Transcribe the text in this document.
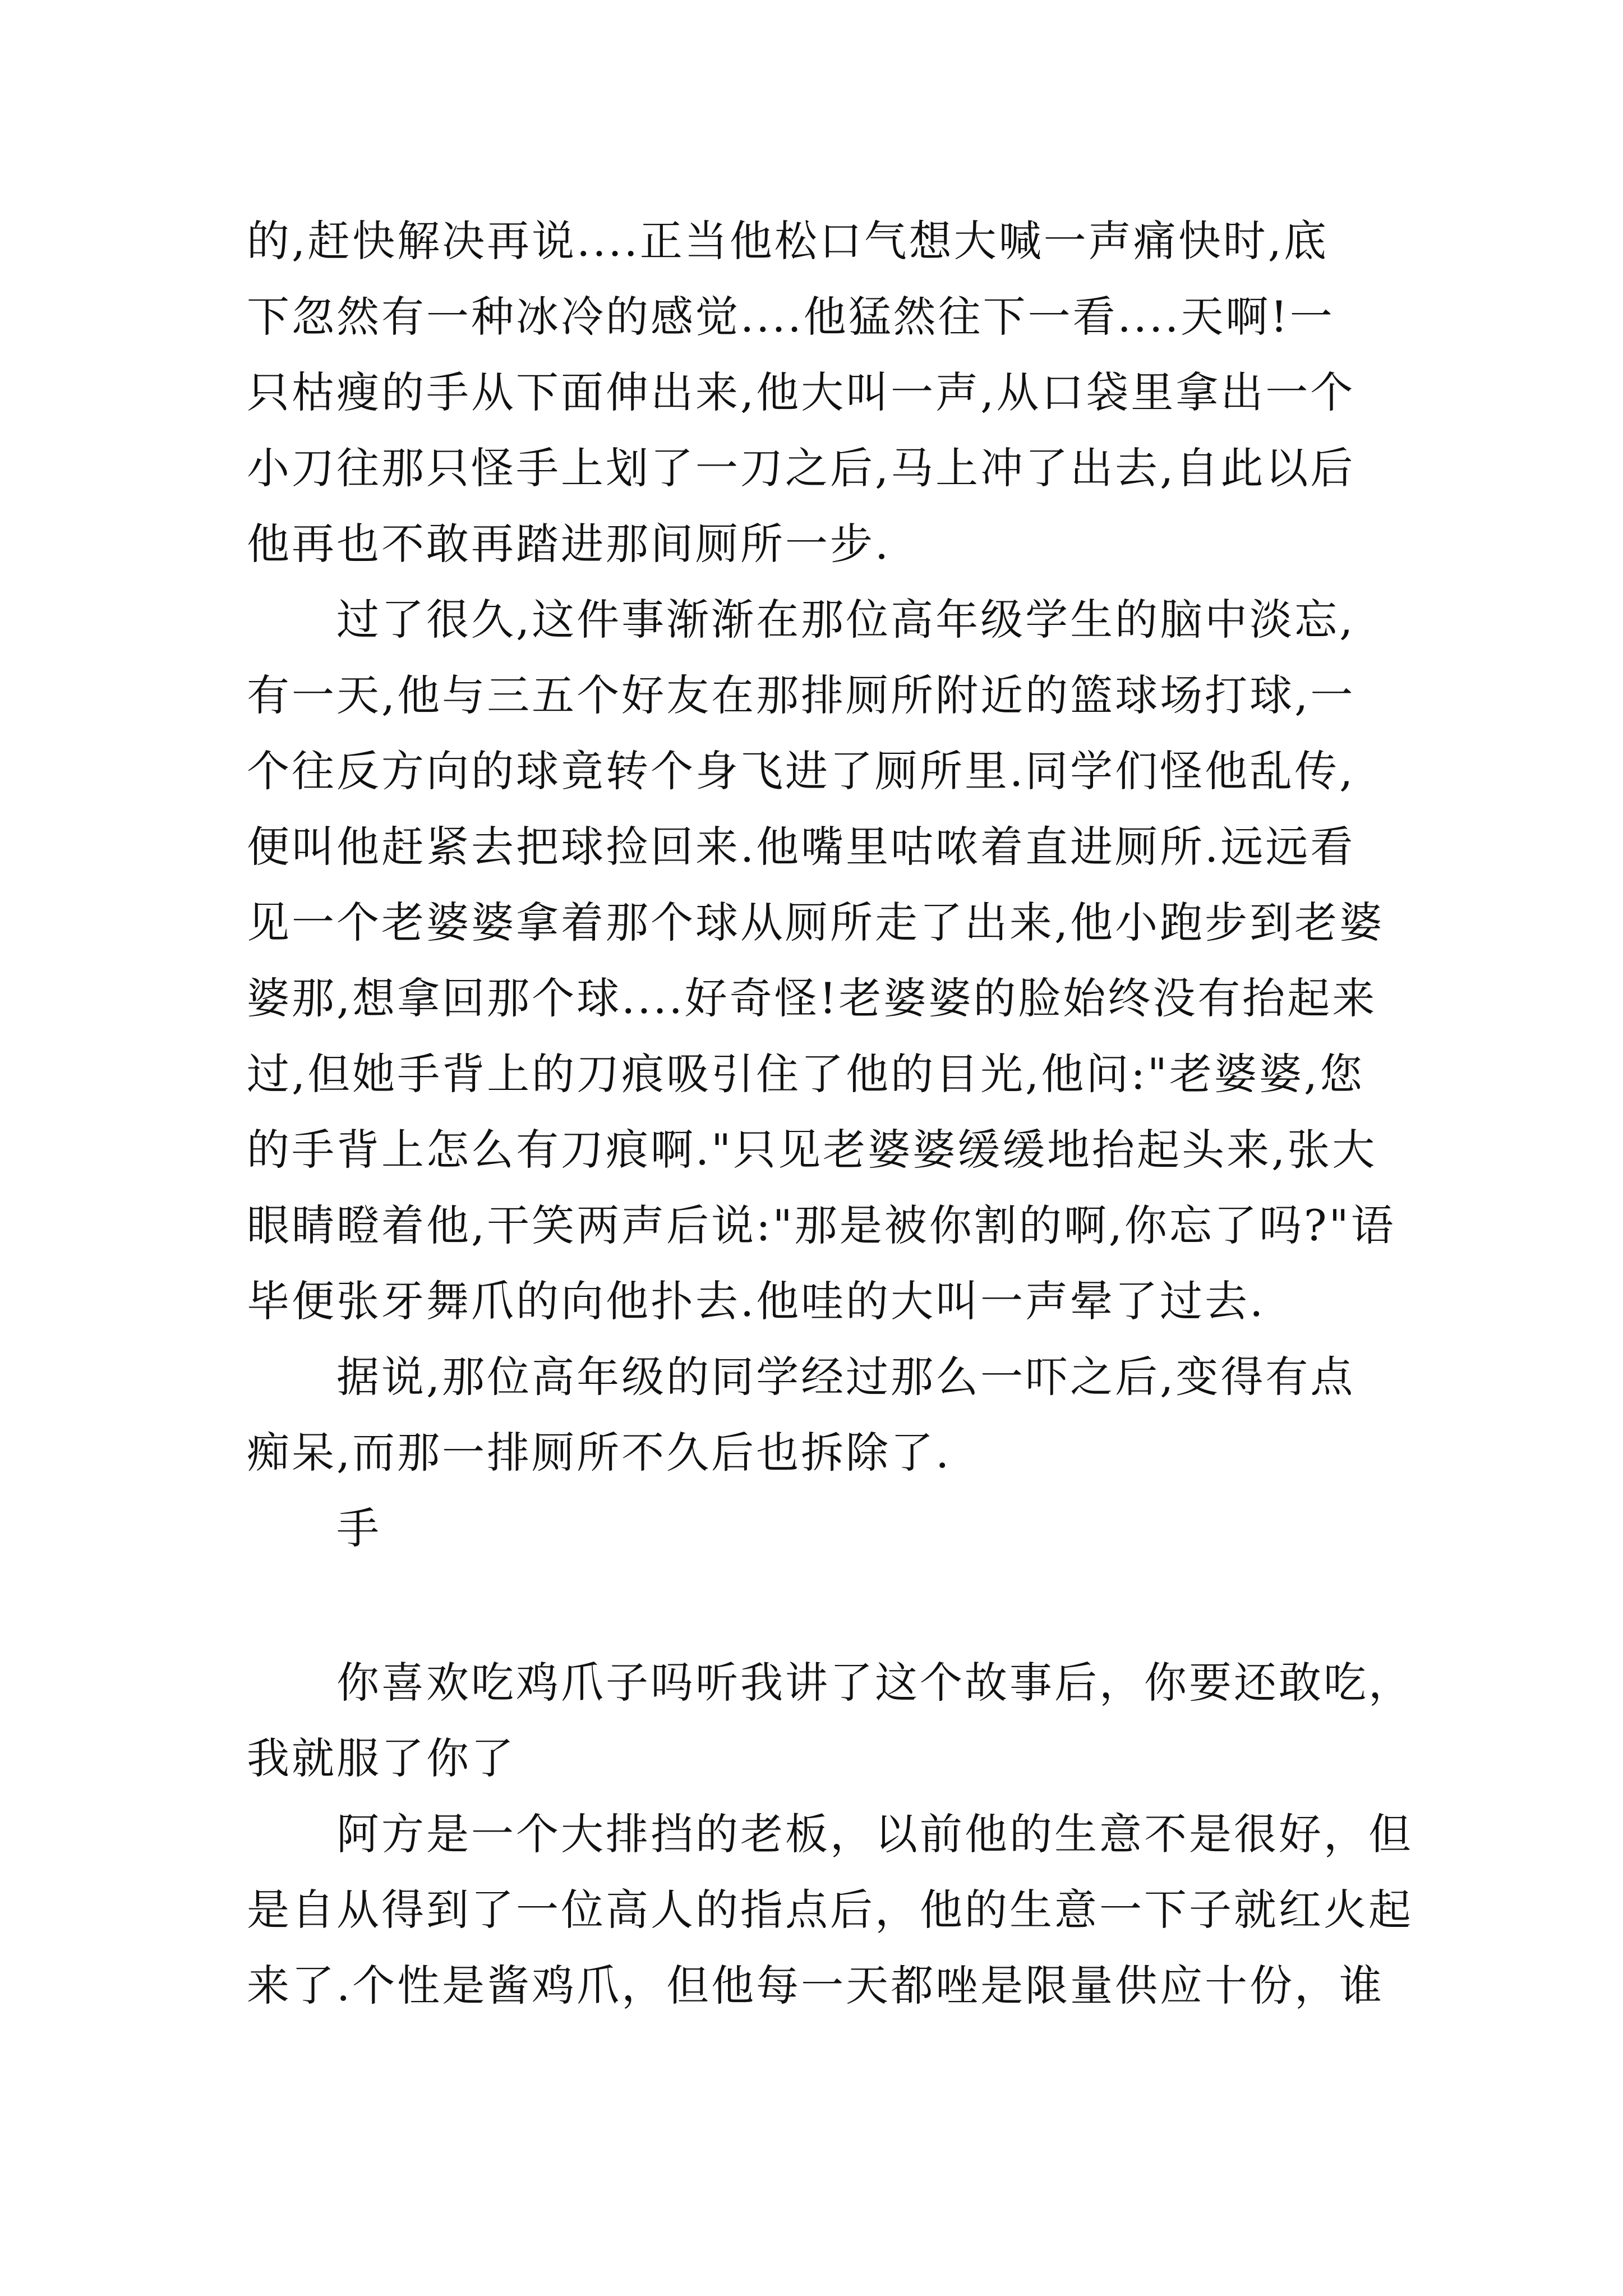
的,赶快解决再说....正当他松口气想大喊一声痛快时,底
下忽然有一种冰冷的感觉....他猛然往下一看....天啊!一
只枯瘦的手从下面伸出来,他大叫一声,从口袋里拿出一个
小刀往那只怪手上划了一刀之后,马上冲了出去,自此以后
他再也不敢再踏进那间厕所一步.
过了很久,这件事渐渐在那位高年级学生的脑中淡忘,
有一天,他与三五个好友在那排厕所附近的篮球场打球,一
个往反方向的球竟转个身飞进了厕所里.同学们怪他乱传,
便叫他赶紧去把球捡回来.他嘴里咕哝着直进厕所.远远看
见一个老婆婆拿着那个球从厕所走了出来,他小跑步到老婆
婆那,想拿回那个球....好奇怪!老婆婆的脸始终没有抬起来
过,但她手背上的刀痕吸引住了他的目光,他问:"老婆婆,您
的手背上怎么有刀痕啊."只见老婆婆缓缓地抬起头来,张大
眼睛瞪着他,干笑两声后说:"那是被你割的啊,你忘了吗?"语
毕便张牙舞爪的向他扑去.他哇的大叫一声晕了过去.
据说,那位高年级的同学经过那么一吓之后,变得有点
痴呆,而那一排厕所不久后也拆除了.
手
你喜欢吃鸡爪子吗听我讲了这个故事后，你要还敢吃，
我就服了你了
阿方是一个大排挡的老板，以前他的生意不是很好，但
是自从得到了一位高人的指点后，他的生意一下子就红火起
来了.个性是酱鸡爪，但他每一天都唑是限量供应十份，谁
